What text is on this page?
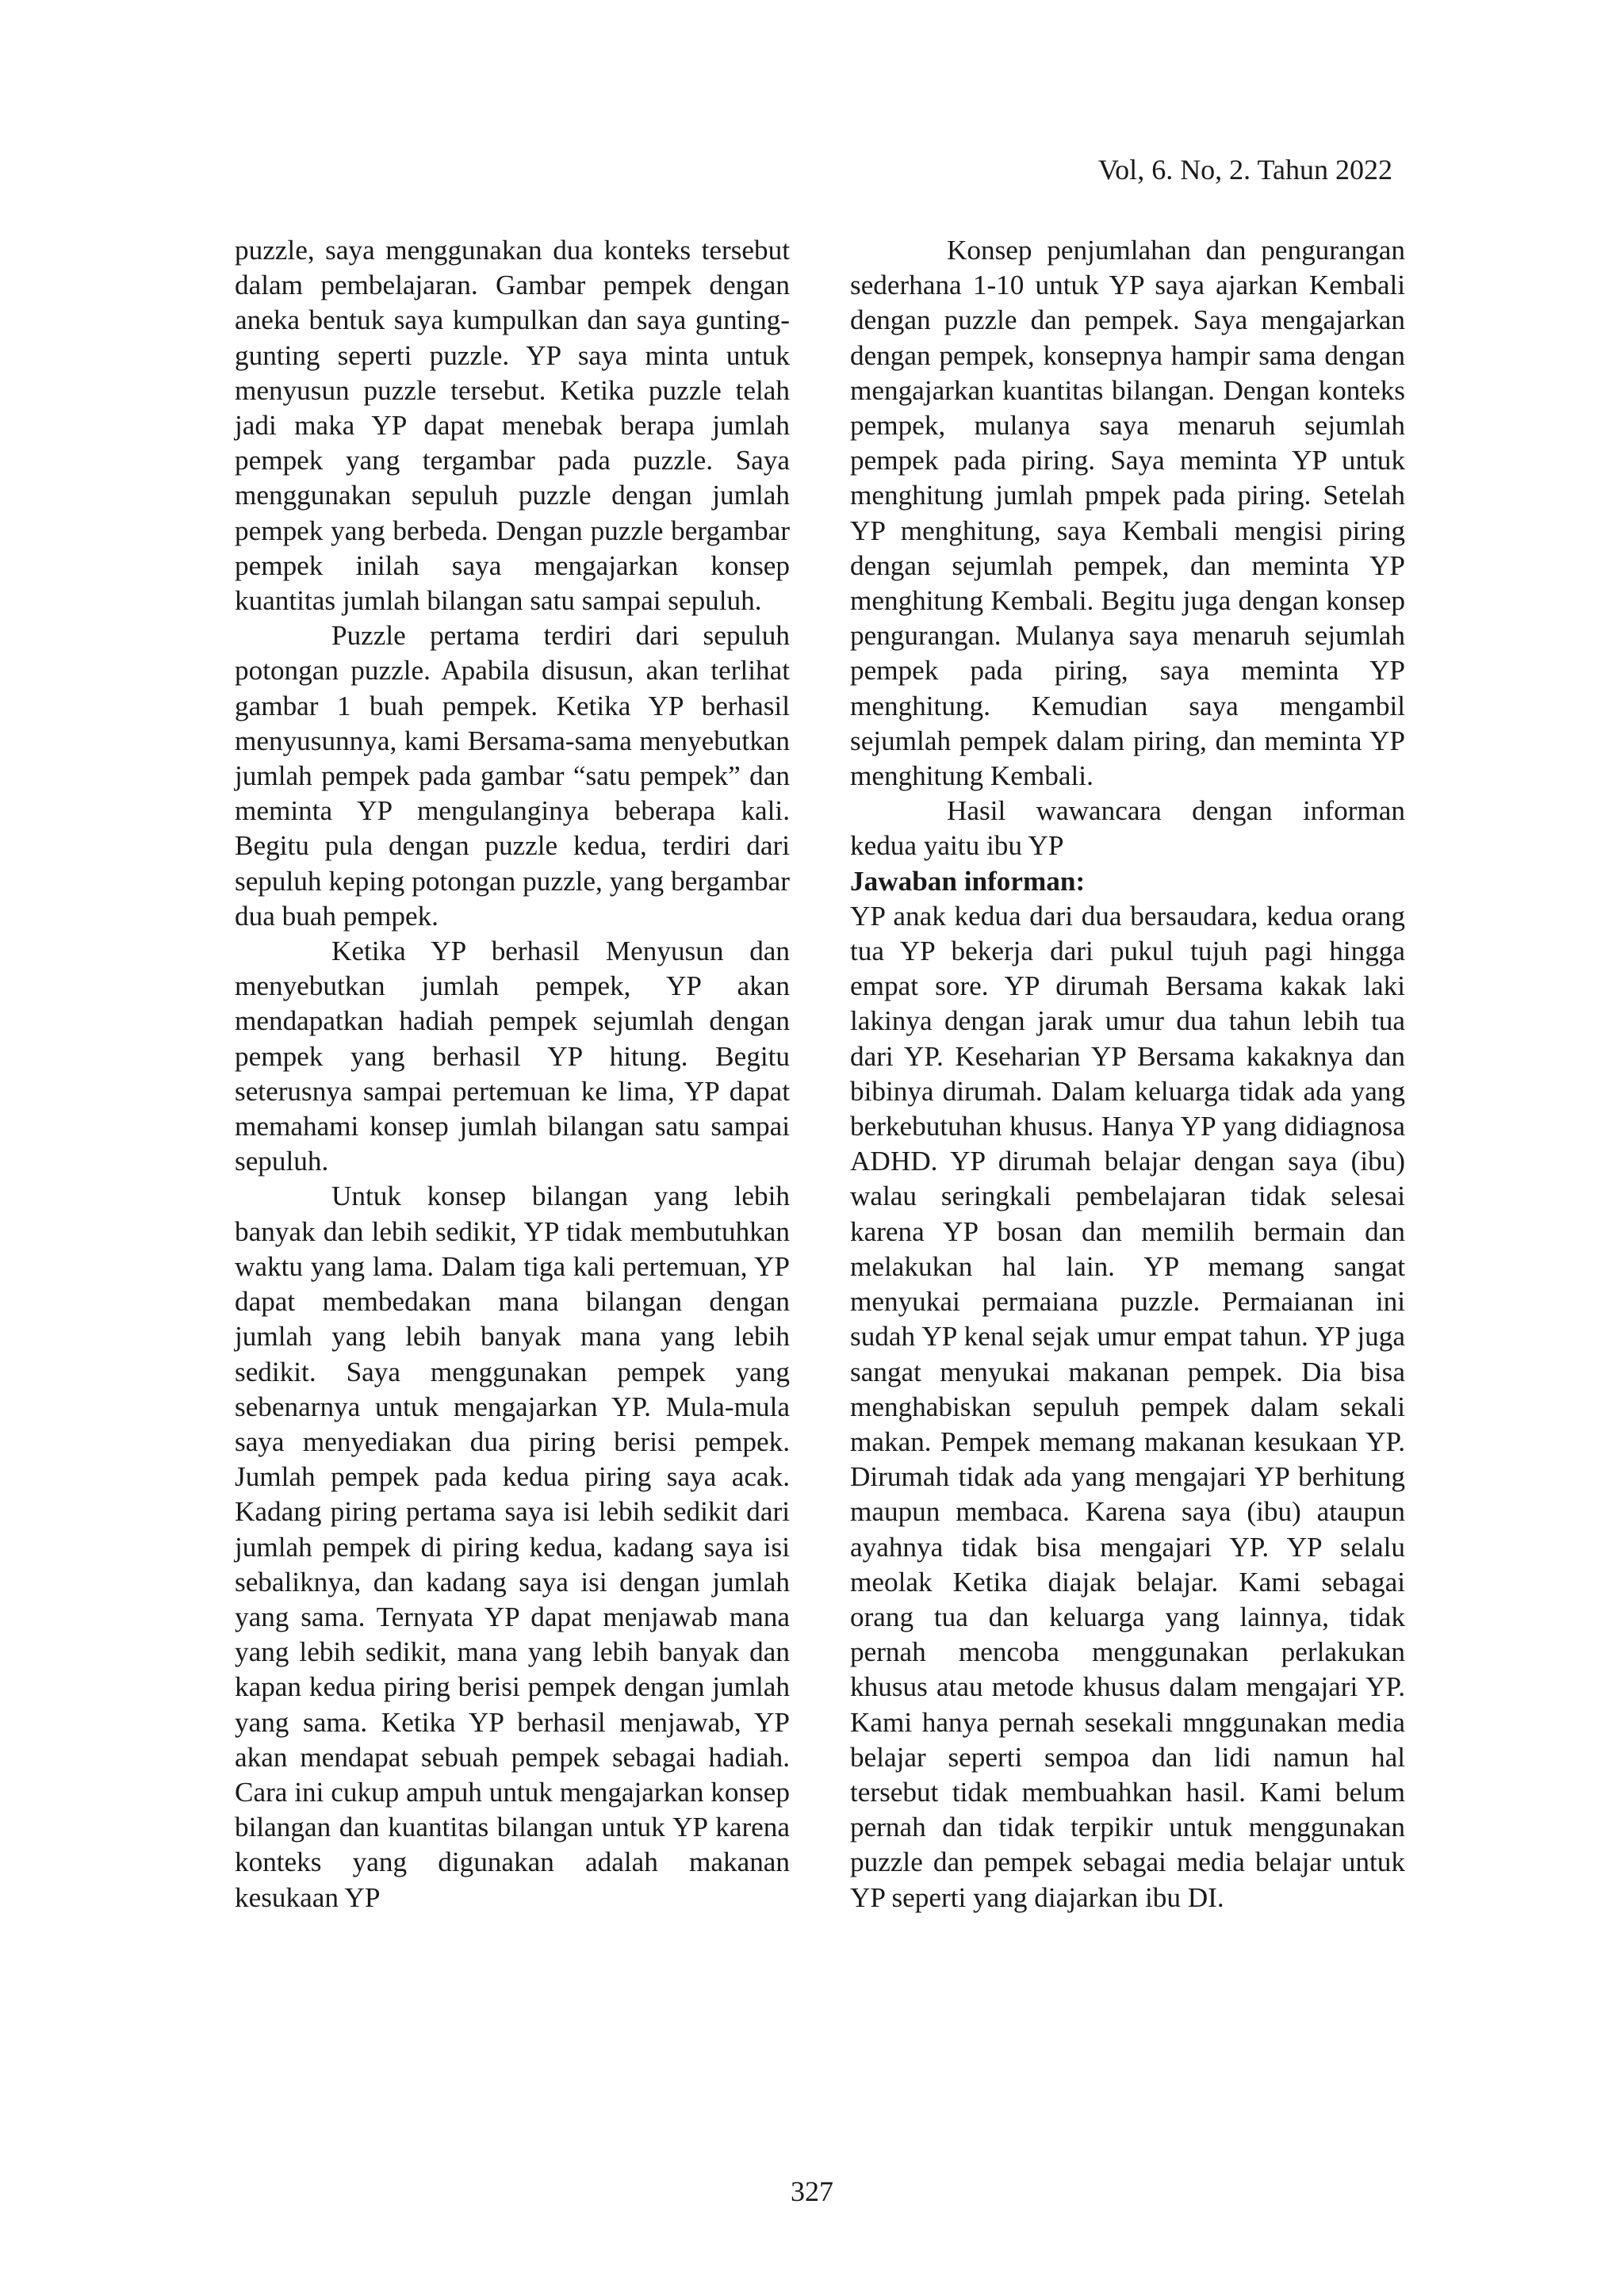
Vol, 6. No, 2. Tahun 2022

puzzle, saya menggunakan dua konteks tersebut dalam pembelajaran. Gambar pempek dengan aneka bentuk saya kumpulkan dan saya gunting-gunting seperti puzzle. YP saya minta untuk menyusun puzzle tersebut. Ketika puzzle telah jadi maka YP dapat menebak berapa jumlah pempek yang tergambar pada puzzle. Saya menggunakan sepuluh puzzle dengan jumlah pempek yang berbeda. Dengan puzzle bergambar pempek inilah saya mengajarkan konsep kuantitas jumlah bilangan satu sampai sepuluh.

Puzzle pertama terdiri dari sepuluh potongan puzzle. Apabila disusun, akan terlihat gambar 1 buah pempek. Ketika YP berhasil menyusunnya, kami Bersama-sama menyebutkan jumlah pempek pada gambar “satu pempek” dan meminta YP mengulanginya beberapa kali. Begitu pula dengan puzzle kedua, terdiri dari sepuluh keping potongan puzzle, yang bergambar dua buah pempek.

Ketika YP berhasil Menyusun dan menyebutkan jumlah pempek, YP akan mendapatkan hadiah pempek sejumlah dengan pempek yang berhasil YP hitung. Begitu seterusnya sampai pertemuan ke lima, YP dapat memahami konsep jumlah bilangan satu sampai sepuluh.

Untuk konsep bilangan yang lebih banyak dan lebih sedikit, YP tidak membutuhkan waktu yang lama. Dalam tiga kali pertemuan, YP dapat membedakan mana bilangan dengan jumlah yang lebih banyak mana yang lebih sedikit. Saya menggunakan pempek yang sebenarnya untuk mengajarkan YP. Mula-mula saya menyediakan dua piring berisi pempek. Jumlah pempek pada kedua piring saya acak. Kadang piring pertama saya isi lebih sedikit dari jumlah pempek di piring kedua, kadang saya isi sebaliknya, dan kadang saya isi dengan jumlah yang sama. Ternyata YP dapat menjawab mana yang lebih sedikit, mana yang lebih banyak dan kapan kedua piring berisi pempek dengan jumlah yang sama. Ketika YP berhasil menjawab, YP akan mendapat sebuah pempek sebagai hadiah. Cara ini cukup ampuh untuk mengajarkan konsep bilangan dan kuantitas bilangan untuk YP karena konteks yang digunakan adalah makanan kesukaan YP

Konsep penjumlahan dan pengurangan sederhana 1-10 untuk YP saya ajarkan Kembali dengan puzzle dan pempek. Saya mengajarkan dengan pempek, konsepnya hampir sama dengan mengajarkan kuantitas bilangan. Dengan konteks pempek, mulanya saya menaruh sejumlah pempek pada piring. Saya meminta YP untuk menghitung jumlah pmpek pada piring. Setelah YP menghitung, saya Kembali mengisi piring dengan sejumlah pempek, dan meminta YP menghitung Kembali. Begitu juga dengan konsep pengurangan. Mulanya saya menaruh sejumlah pempek pada piring, saya meminta YP menghitung. Kemudian saya mengambil sejumlah pempek dalam piring, dan meminta YP menghitung Kembali.

Hasil wawancara dengan informan kedua yaitu ibu YP

Jawaban informan:

YP anak kedua dari dua bersaudara, kedua orang tua YP bekerja dari pukul tujuh pagi hingga empat sore. YP dirumah Bersama kakak laki lakinya dengan jarak umur dua tahun lebih tua dari YP. Keseharian YP Bersama kakaknya dan bibinya dirumah. Dalam keluarga tidak ada yang berkebutuhan khusus. Hanya YP yang didiagnosa ADHD. YP dirumah belajar dengan saya (ibu) walau seringkali pembelajaran tidak selesai karena YP bosan dan memilih bermain dan melakukan hal lain. YP memang sangat menyukai permaiana puzzle. Permaianan ini sudah YP kenal sejak umur empat tahun. YP juga sangat menyukai makanan pempek. Dia bisa menghabiskan sepuluh pempek dalam sekali makan. Pempek memang makanan kesukaan YP. Dirumah tidak ada yang mengajari YP berhitung maupun membaca. Karena saya (ibu) ataupun ayahnya tidak bisa mengajari YP. YP selalu meolak Ketika diajak belajar. Kami sebagai orang tua dan keluarga yang lainnya, tidak pernah mencoba menggunakan perlakukan khusus atau metode khusus dalam mengajari YP. Kami hanya pernah sesekali mnggunakan media belajar seperti sempoa dan lidi namun hal tersebut tidak membuahkan hasil. Kami belum pernah dan tidak terpikir untuk menggunakan puzzle dan pempek sebagai media belajar untuk YP seperti yang diajarkan ibu DI.

327
